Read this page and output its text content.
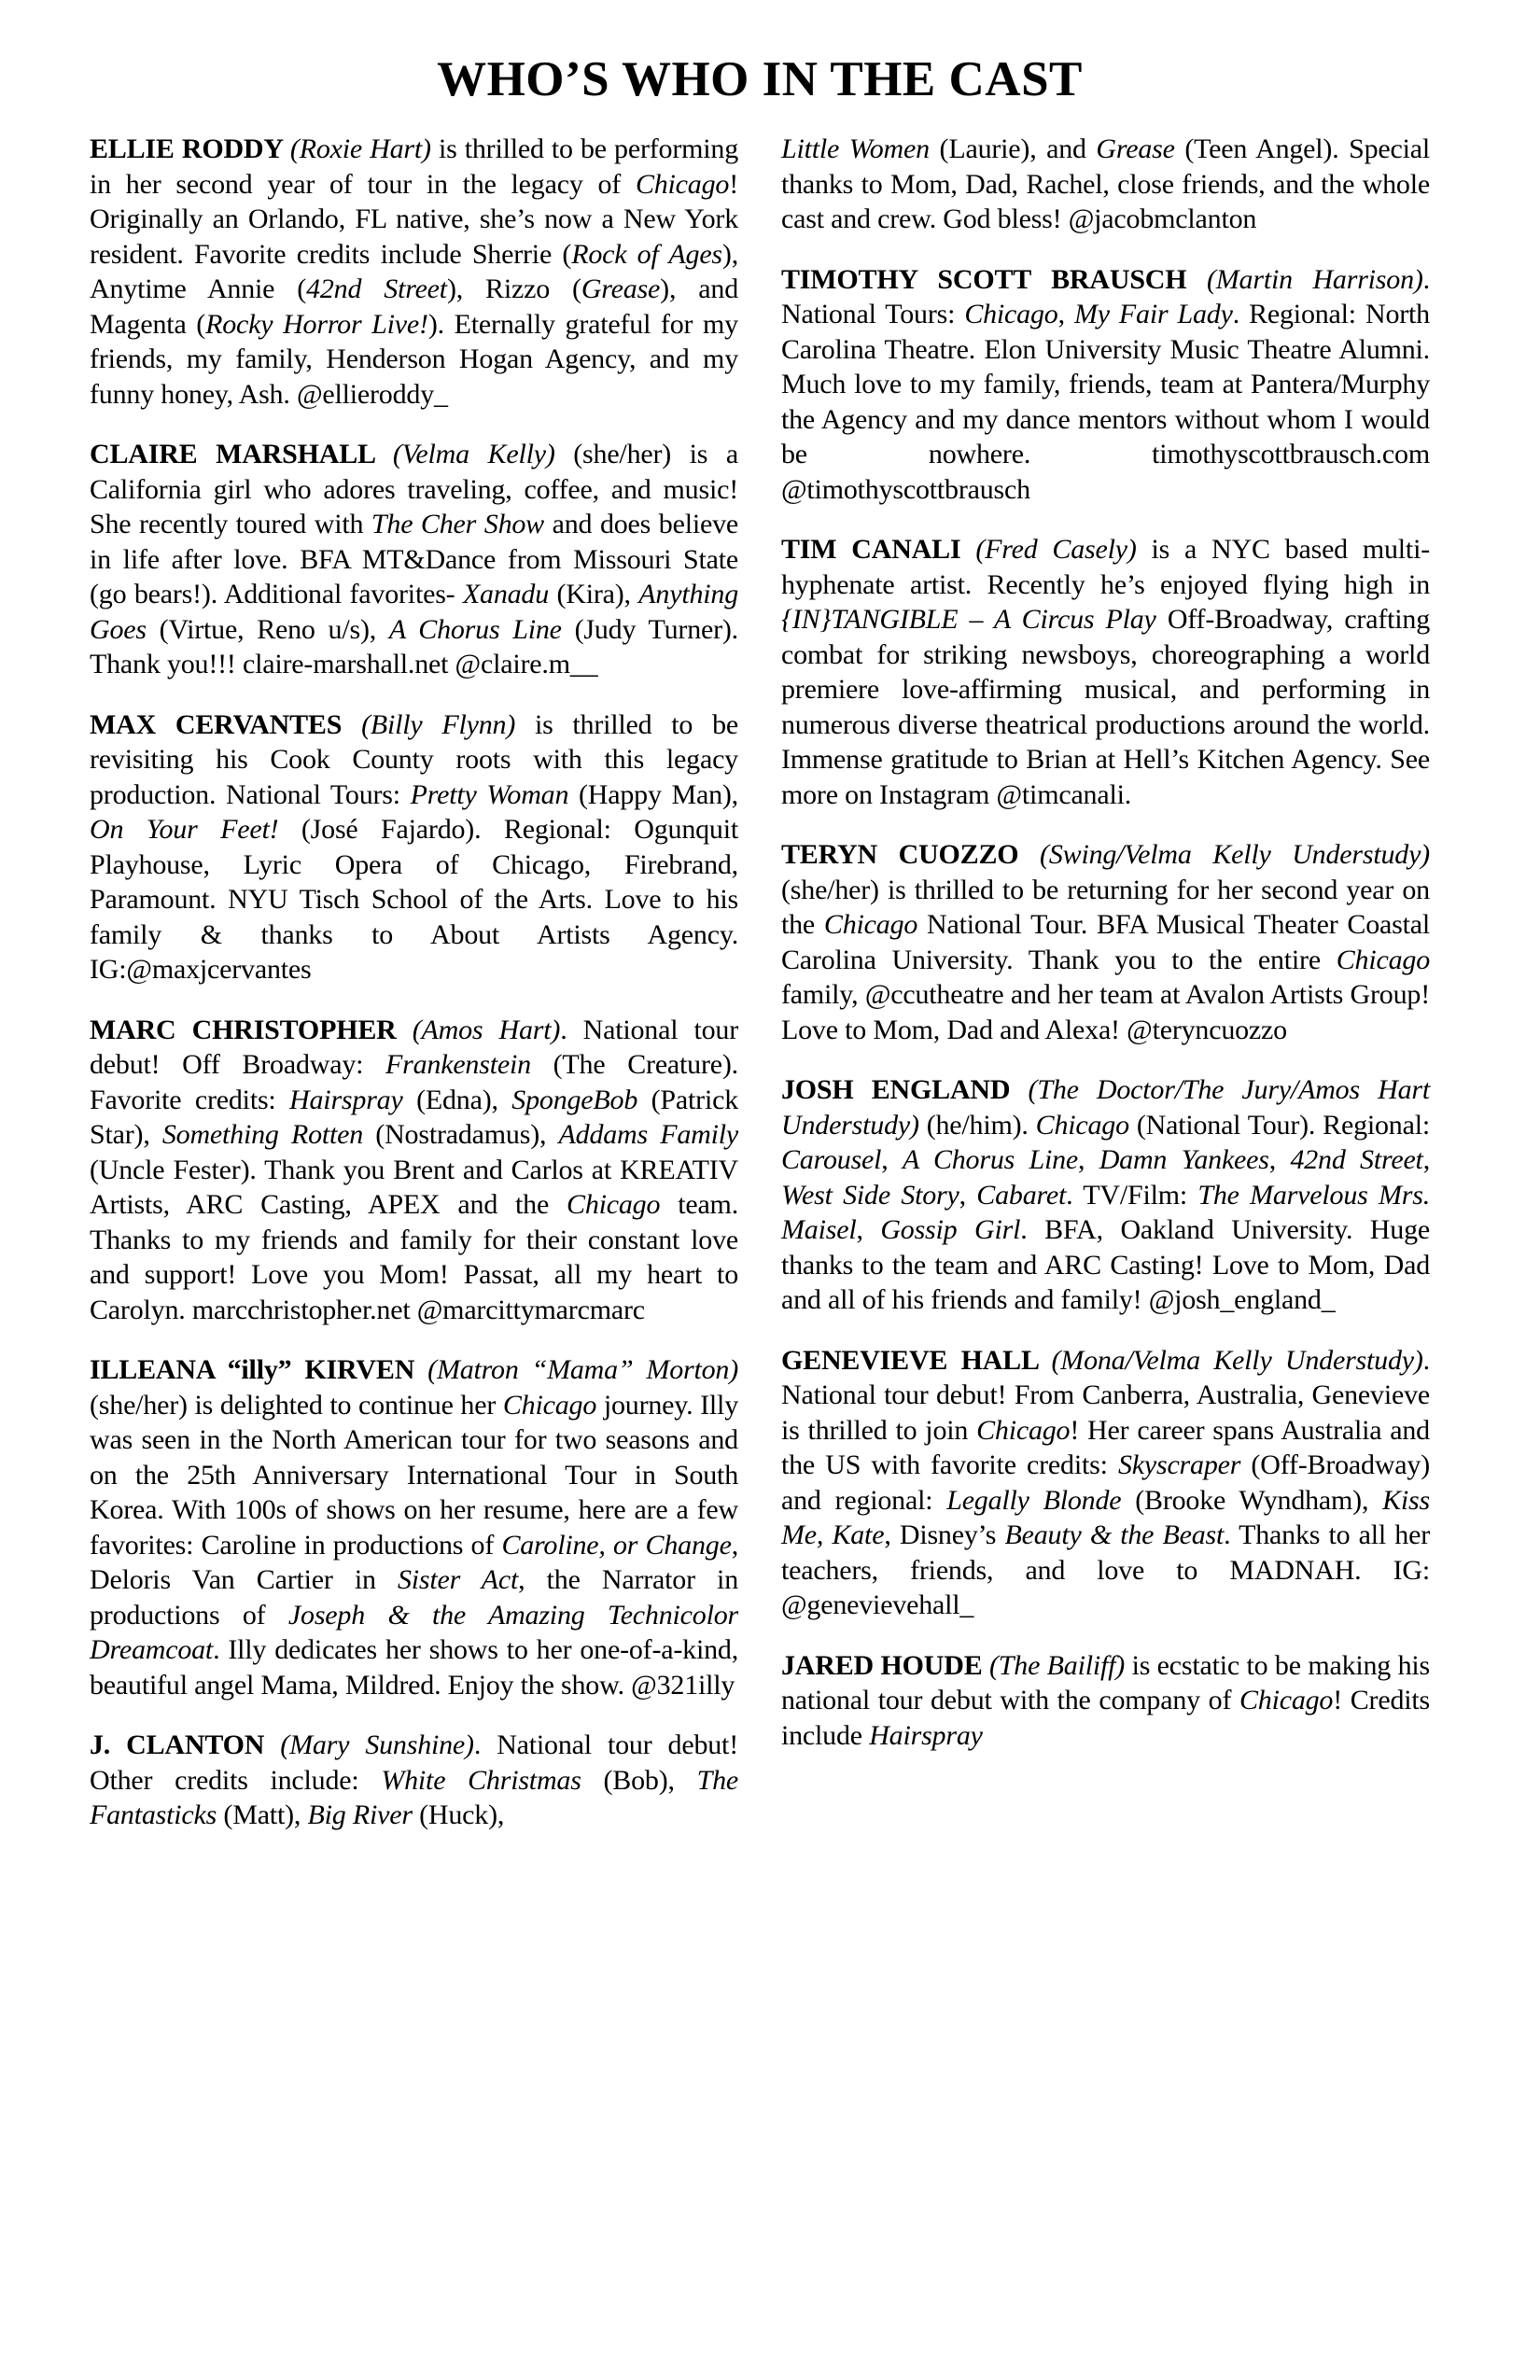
WHO’S WHO IN THE CAST

ELLIE RODDY (Roxie Hart) is thrilled to be performing in her second year of tour in the legacy of Chicago! Originally an Orlando, FL native, she’s now a New York resident. Favorite credits include Sherrie (Rock of Ages), Anytime Annie (42nd Street), Rizzo (Grease), and Magenta (Rocky Horror Live!). Eternally grateful for my friends, my family, Henderson Hogan Agency, and my funny honey, Ash. @ellieroddy_

CLAIRE MARSHALL (Velma Kelly) (she/her) is a California girl who adores traveling, coffee, and music! She recently toured with The Cher Show and does believe in life after love. BFA MT&Dance from Missouri State (go bears!). Additional favorites- Xanadu (Kira), Anything Goes (Virtue, Reno u/s), A Chorus Line (Judy Turner). Thank you!!! claire-marshall.net @claire.m__

MAX CERVANTES (Billy Flynn) is thrilled to be revisiting his Cook County roots with this legacy production. National Tours: Pretty Woman (Happy Man), On Your Feet! (José Fajardo). Regional: Ogunquit Playhouse, Lyric Opera of Chicago, Firebrand, Paramount. NYU Tisch School of the Arts. Love to his family & thanks to About Artists Agency. IG:@maxjcervantes

MARC CHRISTOPHER (Amos Hart). National tour debut! Off Broadway: Frankenstein (The Creature). Favorite credits: Hairspray (Edna), SpongeBob (Patrick Star), Something Rotten (Nostradamus), Addams Family (Uncle Fester). Thank you Brent and Carlos at KREATIV Artists, ARC Casting, APEX and the Chicago team. Thanks to my friends and family for their constant love and support! Love you Mom! Passat, all my heart to Carolyn. marcchristopher.net @marcittymarcmarc

ILLEANA “illy” KIRVEN (Matron “Mama” Morton) (she/her) is delighted to continue her Chicago journey. Illy was seen in the North American tour for two seasons and on the 25th Anniversary International Tour in South Korea. With 100s of shows on her resume, here are a few favorites: Caroline in productions of Caroline, or Change, Deloris Van Cartier in Sister Act, the Narrator in productions of Joseph & the Amazing Technicolor Dreamcoat. Illy dedicates her shows to her one-of-a-kind, beautiful angel Mama, Mildred. Enjoy the show. @321illy

J. CLANTON (Mary Sunshine). National tour debut! Other credits include: White Christmas (Bob), The Fantasticks (Matt), Big River (Huck),

Little Women (Laurie), and Grease (Teen Angel). Special thanks to Mom, Dad, Rachel, close friends, and the whole cast and crew. God bless! @jacobmclanton

TIMOTHY SCOTT BRAUSCH (Martin Harrison). National Tours: Chicago, My Fair Lady. Regional: North Carolina Theatre. Elon University Music Theatre Alumni. Much love to my family, friends, team at Pantera/Murphy the Agency and my dance mentors without whom I would be nowhere. timothyscottbrausch.com @timothyscottbrausch

TIM CANALI (Fred Casely) is a NYC based multi-hyphenate artist. Recently he’s enjoyed flying high in {IN}TANGIBLE – A Circus Play Off-Broadway, crafting combat for striking newsboys, choreographing a world premiere love-affirming musical, and performing in numerous diverse theatrical productions around the world. Immense gratitude to Brian at Hell’s Kitchen Agency. See more on Instagram @timcanali.

TERYN CUOZZO (Swing/Velma Kelly Understudy) (she/her) is thrilled to be returning for her second year on the Chicago National Tour. BFA Musical Theater Coastal Carolina University. Thank you to the entire Chicago family, @ccutheatre and her team at Avalon Artists Group! Love to Mom, Dad and Alexa! @teryncuozzo

JOSH ENGLAND (The Doctor/The Jury/Amos Hart Understudy) (he/him). Chicago (National Tour). Regional: Carousel, A Chorus Line, Damn Yankees, 42nd Street, West Side Story, Cabaret. TV/Film: The Marvelous Mrs. Maisel, Gossip Girl. BFA, Oakland University. Huge thanks to the team and ARC Casting! Love to Mom, Dad and all of his friends and family! @josh_england_

GENEVIEVE HALL (Mona/Velma Kelly Understudy). National tour debut! From Canberra, Australia, Genevieve is thrilled to join Chicago! Her career spans Australia and the US with favorite credits: Skyscraper (Off-Broadway) and regional: Legally Blonde (Brooke Wyndham), Kiss Me, Kate, Disney’s Beauty & the Beast. Thanks to all her teachers, friends, and love to MADNAH. IG: @genevievehall_

JARED HOUDE (The Bailiff) is ecstatic to be making his national tour debut with the company of Chicago! Credits include Hairspray
